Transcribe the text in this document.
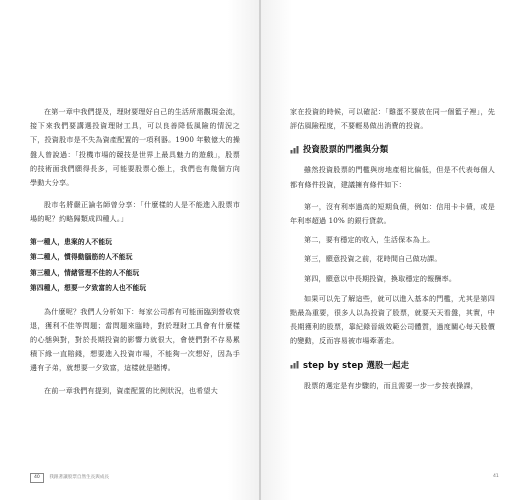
在第一章中我們提及，理財要理好自己的生活所需觀現金流，接下來我們要講選投資理財工具，可以良善降低風險的情況之下，投資股市是不失為資產配置的一項利器。1900 年數億大的操盤人曾說過：「投機市場的競技是世界上最具魅力的遊戲」，股票的技術面我們願得長多，可能要股票心態上，我們也有幾個方向學動大分享。

股市名將嚴正論名師曾分享：「什麼樣的人是不能進入股票市場的呢？約略歸類成四種人。」

第一種人，患案的人不能玩
第二種人，慣得動腦筋的人不能玩
第三種人，情緒管理不佳的人不能玩
第四種人，想要一夕致富的人也不能玩

為什麼呢？我們人分析如下：每家公司都有可能面臨到營收衰退，獲利不佳等問題；當問題來臨時，對於理財工具會有什麼樣的心態與對，對於長期投資的影響力就很大，會使們對不存易累積下緣一直賠錢，想要進入投資市場，不能夠一次想好，因為手邊有子弟，就想要一夕致富，這樣就是賭博。

在前一章我們有提到，資產配置的比例狀況，也希望大

40 我跟著讓股票自然生長與成長

家在投資的時候，可以確記：「雞蛋不要放在同一個籃子裡」，先評估風險程度，不要輕易做出消費的投資。

投資股票的門檻與分類

雖然投資股票的門檻與房地產相比偏低，但是不代表每個人都有條件投資，建議擁有條件如下：

第一，沒有利率過高的短期負債，例如：信用卡卡債，或是年利率超過 10% 的銀行貸款。

第二，要有穩定的收入，生活保本為上。

第三，願意投資之前，花時間自己做功課。

第四，願意以中長期投資，換取穩定的報酬率。

如果可以先了解這些，就可以進入基本的門檻，尤其是第四點最為重要，很多人以為投資了股票，就要天天看盤，其實，中長期獲利的股票，靠紀錄晉級效範公司體質，過度關心每天股價的變動，反而容易被市場牽著走。

step by step 選股一起走

股票的選定是有步驟的，而且需要一步一步按表操課，

41
